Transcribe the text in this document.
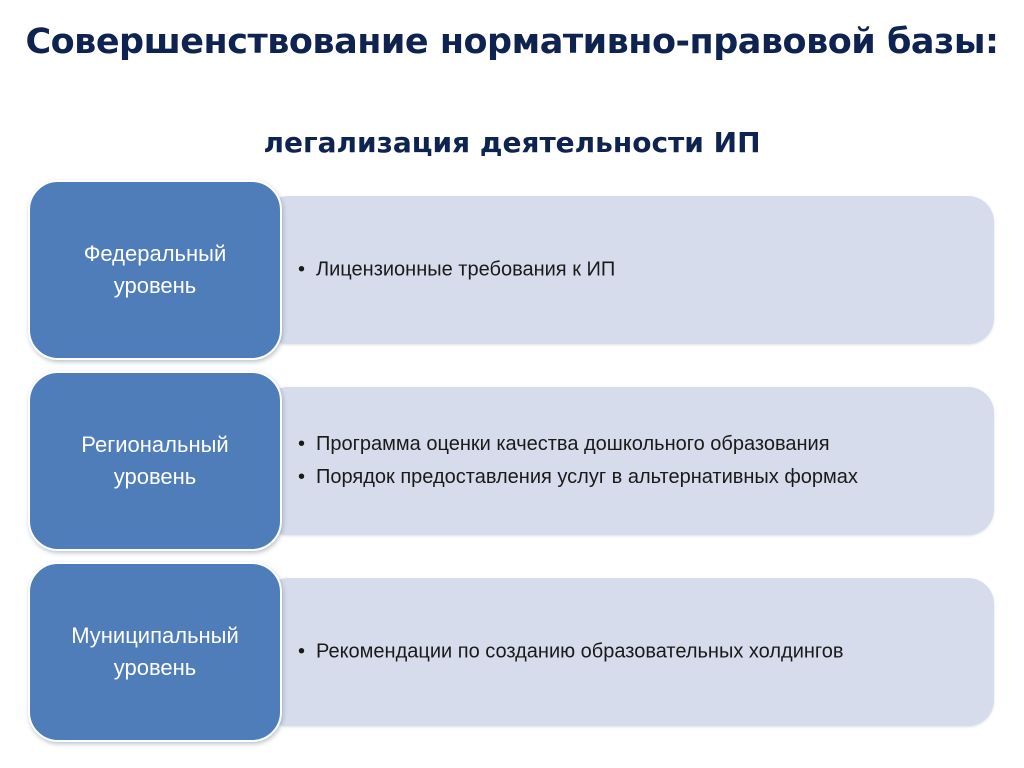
Совершенствование нормативно-правовой базы:
легализация деятельности ИП
• Лицензионные требования к ИП
Федеральный уровень
• Программа оценки качества дошкольного образования
• Порядок предоставления услуг в альтернативных формах
Региональный уровень
• Рекомендации по созданию образовательных холдингов
Муниципальный уровень
